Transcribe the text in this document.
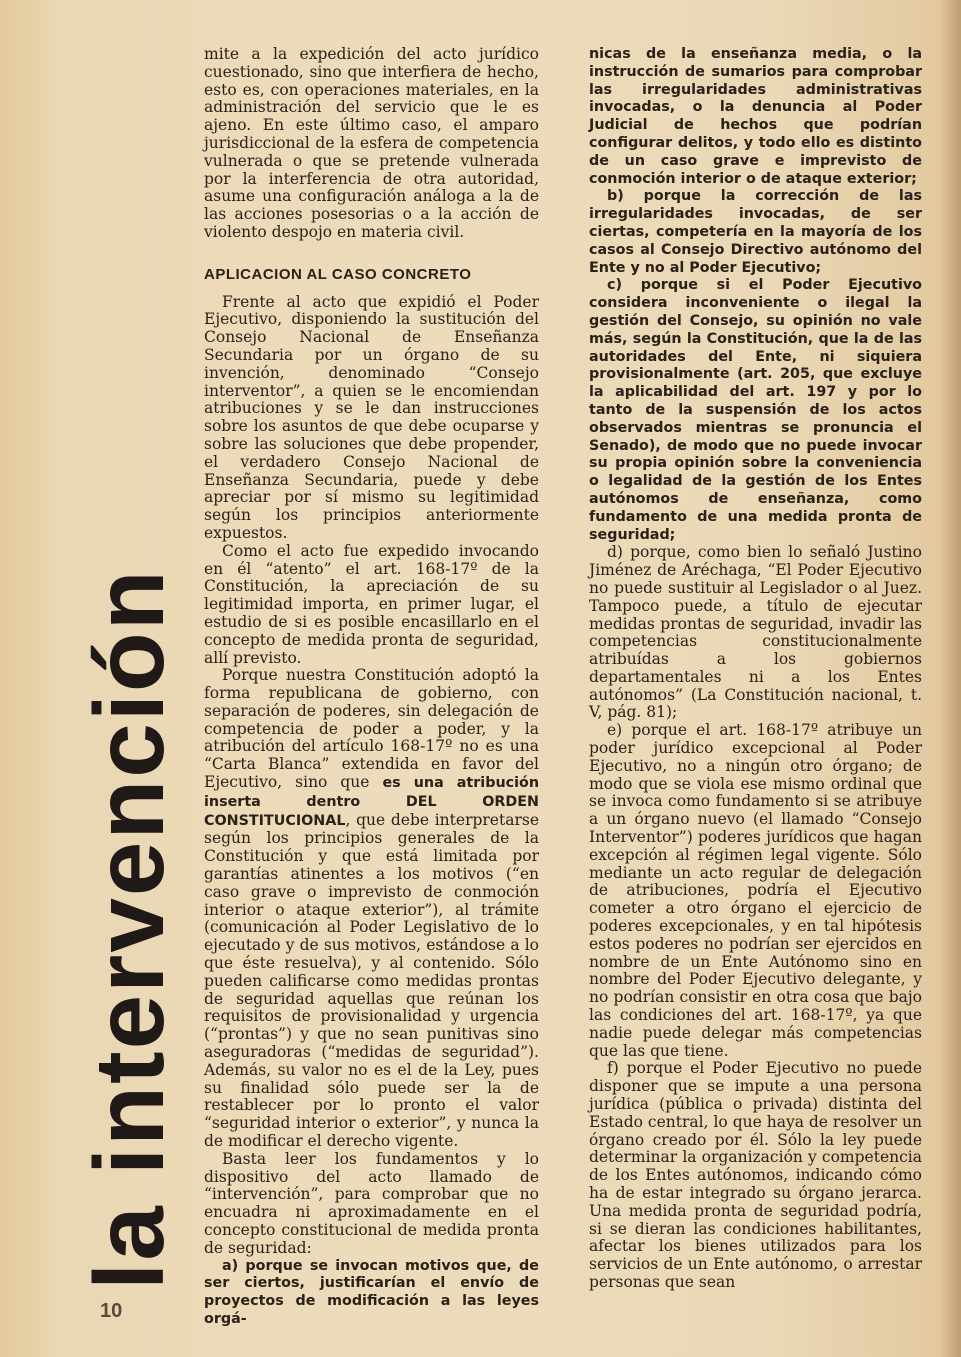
la intervención
10

mite a la expedición del acto jurídico cuestionado, sino que interfiera de hecho, esto es, con operaciones materiales, en la administración del servicio que le es ajeno. En este último caso, el amparo jurisdiccional de la esfera de competencia vulnerada o que se pretende vulnerada por la interferencia de otra autoridad, asume una configuración análoga a la de las acciones posesorias o a la acción de violento despojo en materia civil.

APLICACION AL CASO CONCRETO

Frente al acto que expidió el Poder Ejecutivo, disponiendo la sustitución del Consejo Nacional de Enseñanza Secundaria por un órgano de su invención, denominado “Consejo interventor”, a quien se le encomiendan atribuciones y se le dan instrucciones sobre los asuntos de que debe ocuparse y sobre las soluciones que debe propender, el verdadero Consejo Nacional de Enseñanza Secundaria, puede y debe apreciar por sí mismo su legitimidad según los principios anteriormente expuestos.

Como el acto fue expedido invocando en él “atento” el art. 168-17º de la Constitución, la apreciación de su legitimidad importa, en primer lugar, el estudio de si es posible encasillarlo en el concepto de medida pronta de seguridad, allí previsto.

Porque nuestra Constitución adoptó la forma republicana de gobierno, con separación de poderes, sin delegación de competencia de poder a poder, y la atribución del artículo 168-17º no es una “Carta Blanca” extendida en favor del Ejecutivo, sino que es una atribución inserta dentro DEL ORDEN CONSTITUCIONAL, que debe interpretarse según los principios generales de la Constitución y que está limitada por garantías atinentes a los motivos (“en caso grave o imprevisto de conmoción interior o ataque exterior”), al trámite (comunicación al Poder Legislativo de lo ejecutado y de sus motivos, estándose a lo que éste resuelva), y al contenido. Sólo pueden calificarse como medidas prontas de seguridad aquellas que reúnan los requisitos de provisionalidad y urgencia (“prontas”) y que no sean punitivas sino aseguradoras (“medidas de seguridad”). Además, su valor no es el de la Ley, pues su finalidad sólo puede ser la de restablecer por lo pronto el valor “seguridad interior o exterior”, y nunca la de modificar el derecho vigente.

Basta leer los fundamentos y lo dispositivo del acto llamado de “intervención”, para comprobar que no encuadra ni aproximadamente en el concepto constitucional de medida pronta de seguridad:

a) porque se invocan motivos que, de ser ciertos, justificarían el envío de proyectos de modificación a las leyes orgá-

nicas de la enseñanza media, o la instrucción de sumarios para comprobar las irregularidades administrativas invocadas, o la denuncia al Poder Judicial de hechos que podrían configurar delitos, y todo ello es distinto de un caso grave e imprevisto de conmoción interior o de ataque exterior;

b) porque la corrección de las irregularidades invocadas, de ser ciertas, competería en la mayoría de los casos al Consejo Directivo autónomo del Ente y no al Poder Ejecutivo;

c) porque si el Poder Ejecutivo considera inconveniente o ilegal la gestión del Consejo, su opinión no vale más, según la Constitución, que la de las autoridades del Ente, ni siquiera provisionalmente (art. 205, que excluye la aplicabilidad del art. 197 y por lo tanto de la suspensión de los actos observados mientras se pronuncia el Senado), de modo que no puede invocar su propia opinión sobre la conveniencia o legalidad de la gestión de los Entes autónomos de enseñanza, como fundamento de una medida pronta de seguridad;

d) porque, como bien lo señaló Justino Jiménez de Aréchaga, “El Poder Ejecutivo no puede sustituir al Legislador o al Juez. Tampoco puede, a título de ejecutar medidas prontas de seguridad, invadir las competencias constitucionalmente atribuídas a los gobiernos departamentales ni a los Entes autónomos” (La Constitución nacional, t. V, pág. 81);

e) porque el art. 168-17º atribuye un poder jurídico excepcional al Poder Ejecutivo, no a ningún otro órgano; de modo que se viola ese mismo ordinal que se invoca como fundamento si se atribuye a un órgano nuevo (el llamado “Consejo Interventor”) poderes jurídicos que hagan excepción al régimen legal vigente. Sólo mediante un acto regular de delegación de atribuciones, podría el Ejecutivo cometer a otro órgano el ejercicio de poderes excepcionales, y en tal hipótesis estos poderes no podrían ser ejercidos en nombre de un Ente Autónomo sino en nombre del Poder Ejecutivo delegante, y no podrían consistir en otra cosa que bajo las condiciones del art. 168-17º, ya que nadie puede delegar más competencias que las que tiene.

f) porque el Poder Ejecutivo no puede disponer que se impute a una persona jurídica (pública o privada) distinta del Estado central, lo que haya de resolver un órgano creado por él. Sólo la ley puede determinar la organización y competencia de los Entes autónomos, indicando cómo ha de estar integrado su órgano jerarca. Una medida pronta de seguridad podría, si se dieran las condiciones habilitantes, afectar los bienes utilizados para los servicios de un Ente autónomo, o arrestar personas que sean
